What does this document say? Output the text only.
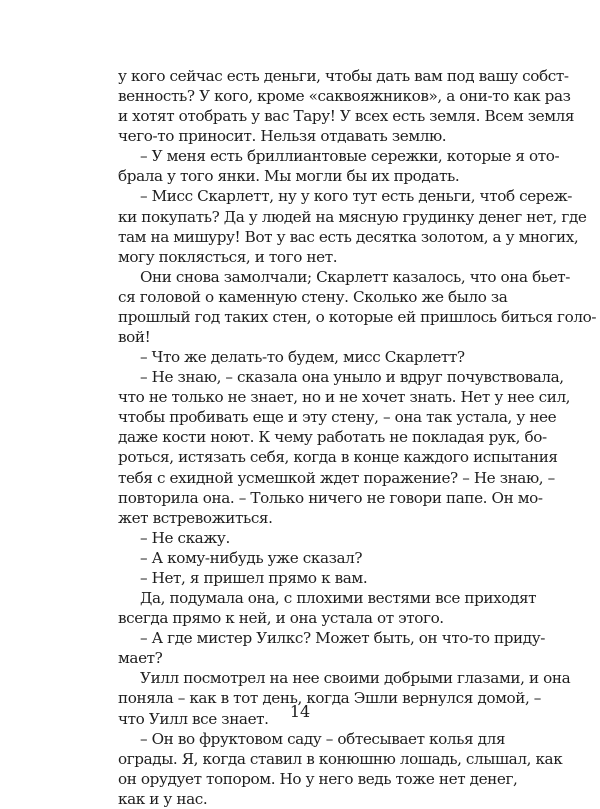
у кого сейчас есть деньги, чтобы дать вам под вашу собст-
венность? У кого, кроме «саквояжников», а они-то как раз
и хотят отобрать у вас Тару! У всех есть земля. Всем земля
чего-то приносит. Нельзя отдавать землю.
– У меня есть бриллиантовые сережки, которые я ото-
брала у того янки. Мы могли бы их продать.
– Мисс Скарлетт, ну у кого тут есть деньги, чтоб сереж-
ки покупать? Да у людей на мясную грудинку денег нет, где
там на мишуру! Вот у вас есть десятка золотом, а у многих,
могу поклясться, и того нет.
Они снова замолчали; Скарлетт казалось, что она бьет-
ся головой о каменную стену. Сколько же было за
прошлый год таких стен, о которые ей пришлось биться голо-
вой!
– Что же делать-то будем, мисс Скарлетт?
– Не знаю, – сказала она уныло и вдруг почувствовала,
что не только не знает, но и не хочет знать. Нет у нее сил,
чтобы пробивать еще и эту стену, – она так устала, у нее
даже кости ноют. К чему работать не покладая рук, бо-
роться, истязать себя, когда в конце каждого испытания
тебя с ехидной усмешкой ждет поражение? – Не знаю, –
повторила она. – Только ничего не говори папе. Он мо-
жет встревожиться.
– Не скажу.
– А кому-нибудь уже сказал?
– Нет, я пришел прямо к вам.
Да, подумала она, с плохими вестями все приходят
всегда прямо к ней, и она устала от этого.
– А где мистер Уилкс? Может быть, он что-то приду-
мает?
Уилл посмотрел на нее своими добрыми глазами, и она
поняла – как в тот день, когда Эшли вернулся домой, –
что Уилл все знает.
– Он во фруктовом саду – обтесывает колья для
ограды. Я, когда ставил в конюшню лошадь, слышал, как
он орудует топором. Но у него ведь тоже нет денег,
как и у нас.
14
